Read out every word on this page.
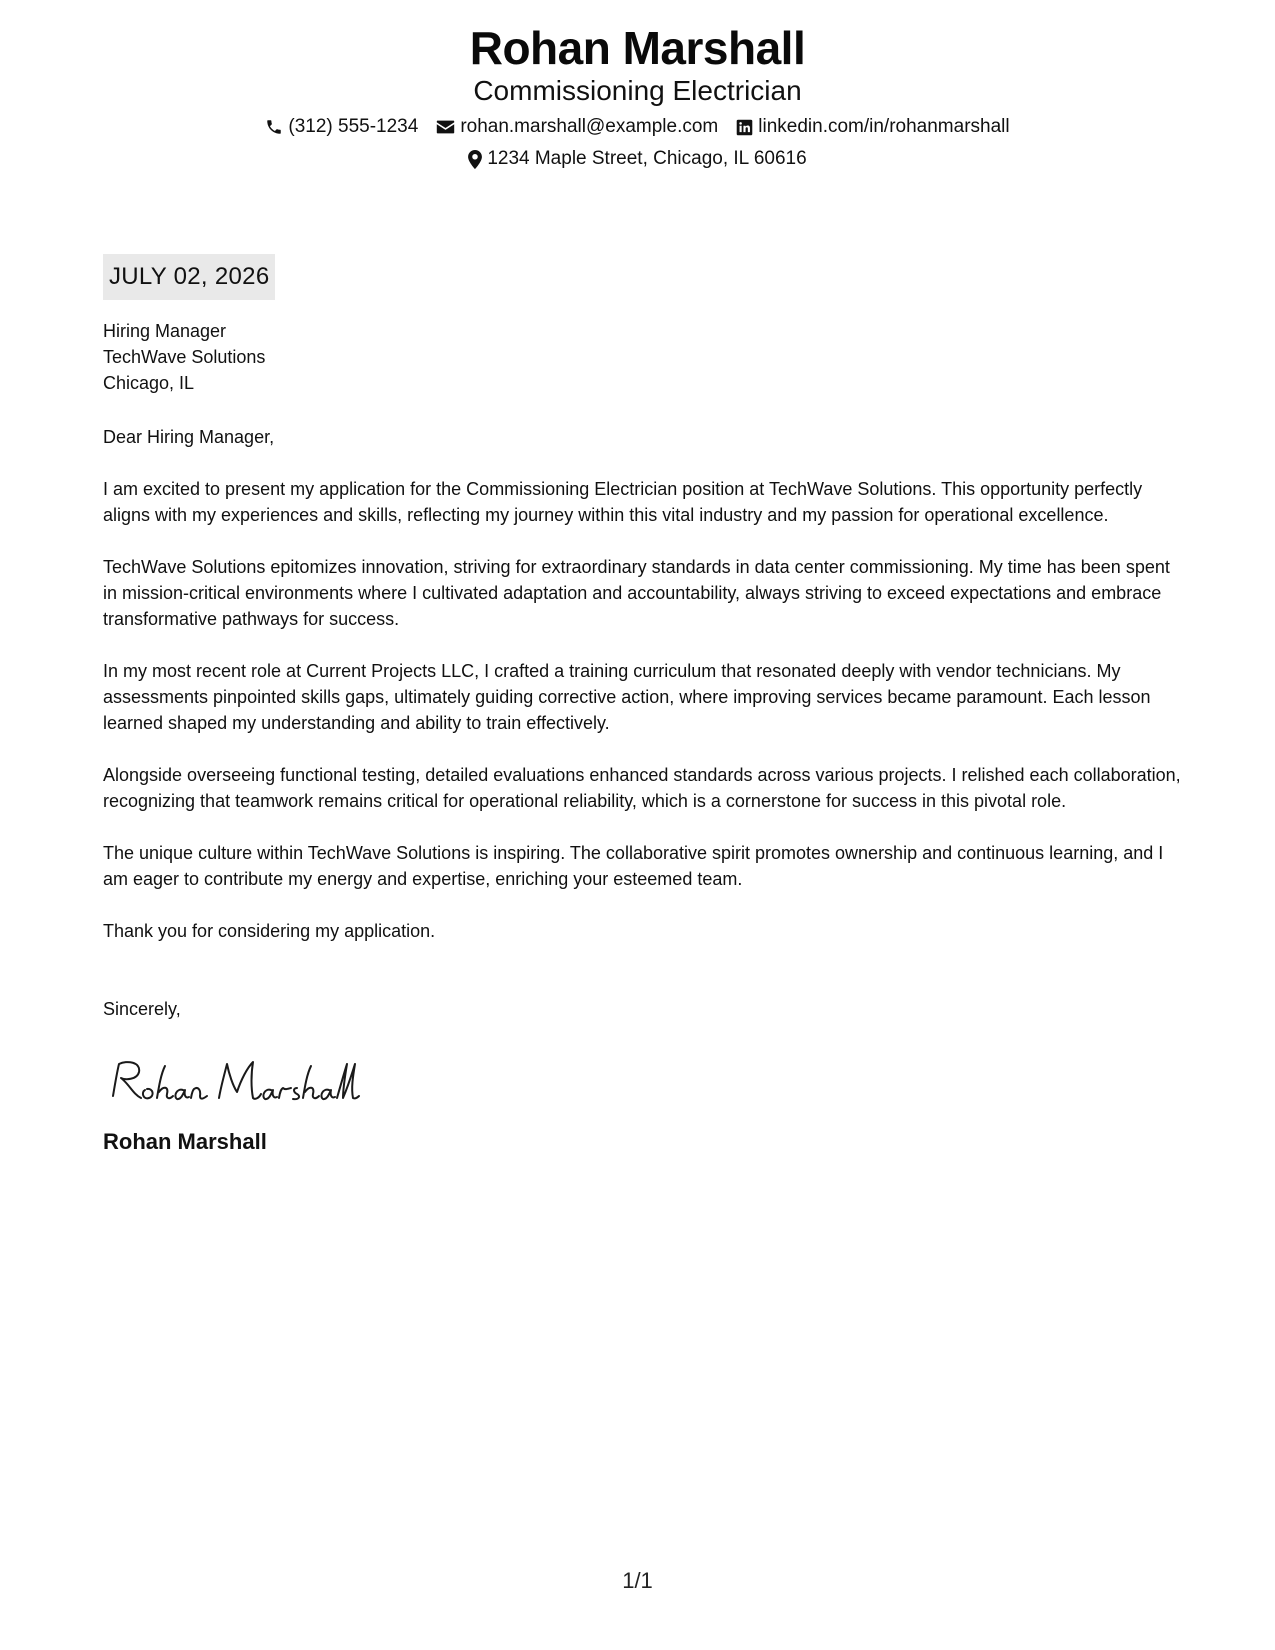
Rohan Marshall
Commissioning Electrician
(312) 555-1234 rohan.marshall@example.com linkedin.com/in/rohanmarshall
1234 Maple Street, Chicago, IL 60616
JULY 02, 2026
Hiring Manager
TechWave Solutions
Chicago, IL
Dear Hiring Manager,
I am excited to present my application for the Commissioning Electrician position at TechWave Solutions. This opportunity perfectly aligns with my experiences and skills, reflecting my journey within this vital industry and my passion for operational excellence.
TechWave Solutions epitomizes innovation, striving for extraordinary standards in data center commissioning. My time has been spent in mission-critical environments where I cultivated adaptation and accountability, always striving to exceed expectations and embrace transformative pathways for success.
In my most recent role at Current Projects LLC, I crafted a training curriculum that resonated deeply with vendor technicians. My assessments pinpointed skills gaps, ultimately guiding corrective action, where improving services became paramount. Each lesson learned shaped my understanding and ability to train effectively.
Alongside overseeing functional testing, detailed evaluations enhanced standards across various projects. I relished each collaboration, recognizing that teamwork remains critical for operational reliability, which is a cornerstone for success in this pivotal role.
The unique culture within TechWave Solutions is inspiring. The collaborative spirit promotes ownership and continuous learning, and I am eager to contribute my energy and expertise, enriching your esteemed team.
Thank you for considering my application.
Sincerely,
Rohan Marshall
1/1
